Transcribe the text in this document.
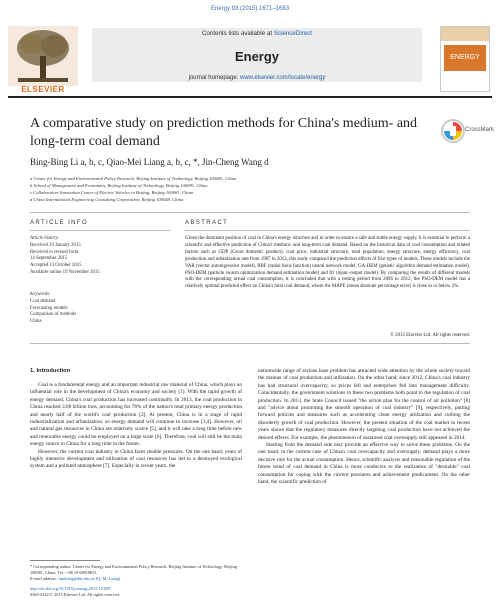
Energy 93 (2015) 1671–1683
Contents lists available at ScienceDirect
Energy
journal homepage: www.elsevier.com/locate/energy
ELSEVIER
ENERGY
A comparative study on prediction methods for China's medium- and long-term coal demand
CrossMark
Bing-Bing Li a, b, c, Qiao-Mei Liang a, b, c, *, Jin-Cheng Wang d
a Center for Energy and Environmental Policy Research, Beijing Institute of Technology, Beijing 100081, China
b School of Management and Economics, Beijing Institute of Technology, Beijing 100081, China
c Collaborative Innovation Center of Electric Vehicles in Beijing, Beijing 100081, China
d China International Engineering Consulting Corporation, Beijing 100048, China
ARTICLE INFO	ABSTRACT
Article history:
Received 29 January 2015
Received in revised form
14 September 2015
Accepted 13 October 2015
Available online 19 November 2015
Keywords:
Coal demand
Forecasting models
Comparison of methods
China
Given the dominant position of coal in China's energy structure and in order to ensure a safe and stable energy supply, it is essential to perform a scientific and effective prediction of China's medium- and long-term coal demand. Based on the historical data of coal consumption and related factors such as GDP (Gross domestic product), coal price, industrial structure, total population, energy structure, energy efficiency, coal production and urbanization rate from 1987 to 2012, this study compared the prediction effects of five types of models. These models include the VAR (vector autoregressive model), RBF (radial basis function) neural network model, GA-DEM (genetic algorithm demand estimation model), PSO-DEM (particle swarm optimization demand estimation model) and IO (input–output model). By comparing the results of different models with the corresponding actual coal consumption, it is concluded that with a testing period from 2006 to 2012, the PSO-DEM model has a relatively optimal predicted effect on China's total coal demand, where the MAPE (mean absolute percentage error) is close to or below 2%.
© 2015 Elsevier Ltd. All rights reserved.
1. Introduction

Coal is a fundamental energy and an important industrial raw material of China, which plays an influential role in the development of China's economy and society [1]. With the rapid growth of energy demand, China's coal production has increased continually. In 2013, the coal production in China reached 3.68 billion tons, accounting for 76% of the nation's total primary energy production and nearly half of the world's coal production [2]. At present, China is in a stage of rapid industrialization and urbanization, so energy demand will continue to increase [3,4]. However, oil and natural gas resources in China are relatively scarce [5], and it will take a long time before new and renewable energy could be employed on a large scale [6]. Therefore, coal will still be the main energy source in China for a long time in the future.

However, the current coal industry in China faces double pressures. On the one hand, years of highly intensive development and utilization of coal resources has led to a destroyed ecological system and a polluted atmosphere [7]. Especially in recent years, the

nationwide range of serious haze problem has attracted wide attention by the whole society toward the manner of coal production and utilization. On the other hand, since 2012, China's coal industry has had structural overcapacity, so prices fell and enterprises fell into management difficulty. Coincidentally, the government solutions to these two problems both point to the regulation of coal production. In 2013, the State Council issued "the action plan for the control of air pollution" [8] and "advice about promoting the smooth operation of coal industry" [9], respectively, putting forward policies and measures such as accelerating clean energy utilization and curbing the disorderly growth of coal production. However, the present situation of the coal market in recent years shows that the regulatory measures directly targeting coal production have not achieved the desired effects. For example, the phenomenon of sustained coal oversupply still appeared in 2014.

Starting from the demand side may provide an effective way to solve these problems. On the one hand, in the current case of China's coal overcapacity and oversupply, demand plays a more decisive role for the actual consumption. Hence, scientific analysis and reasonable regulation of the future trend of coal demand in China is more conducive to the realization of "desirable" coal consumption for coping with the current pressures and achievement predicament. On the other hand, the scientific prediction of

* Corresponding author. Center for Energy and Environmental Policy Research, Beijing Institute of Technology, Beijing 100081, China. Tel.: +86 10 68918651.
E-mail address: lqmliang@bit.edu.cn (Q.-M. Liang).
http://dx.doi.org/10.1016/j.energy.2015.10.059
0360-5442/© 2015 Elsevier Ltd. All rights reserved.
